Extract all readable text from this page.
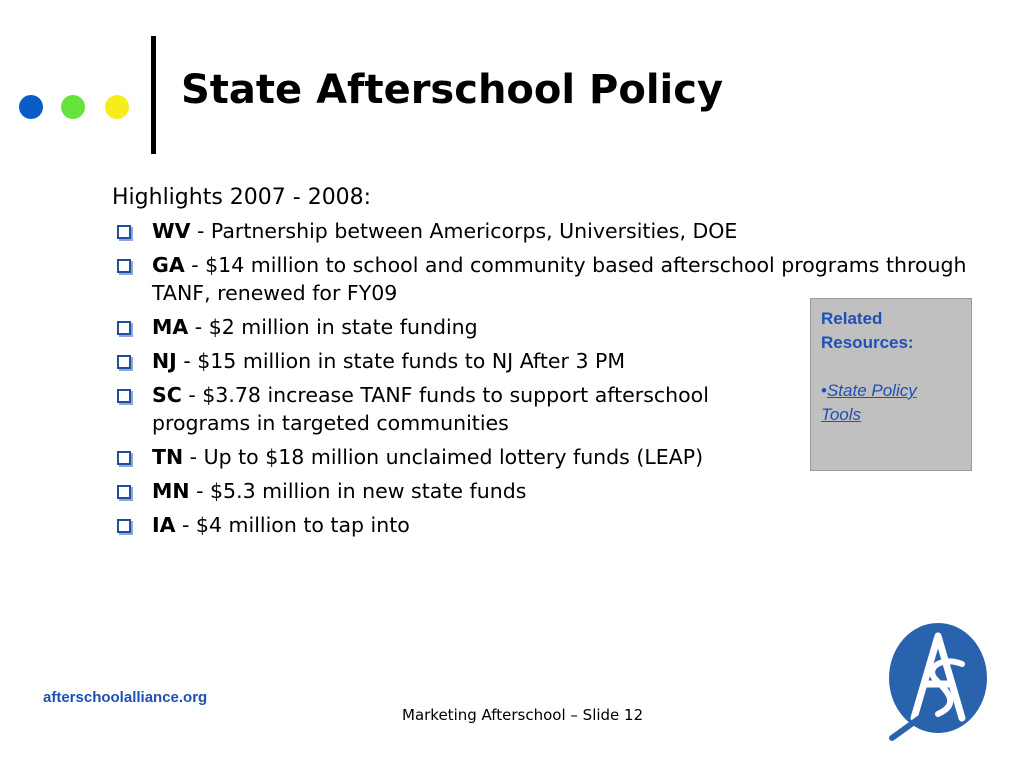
State Afterschool Policy

Highlights 2007 - 2008:

WV - Partnership between Americorps, Universities, DOE
GA - $14 million to school and community based afterschool programs through TANF, renewed for FY09
MA - $2 million in state funding
NJ - $15 million in state funds to NJ After 3 PM
SC - $3.78 increase TANF funds to support afterschool programs in targeted communities
TN - Up to $18 million unclaimed lottery funds (LEAP)
MN - $5.3 million in new state funds
IA - $4 million to tap into
Related Resources:
•State Policy Tools
afterschoolalliance.org
Marketing Afterschool – Slide 12
